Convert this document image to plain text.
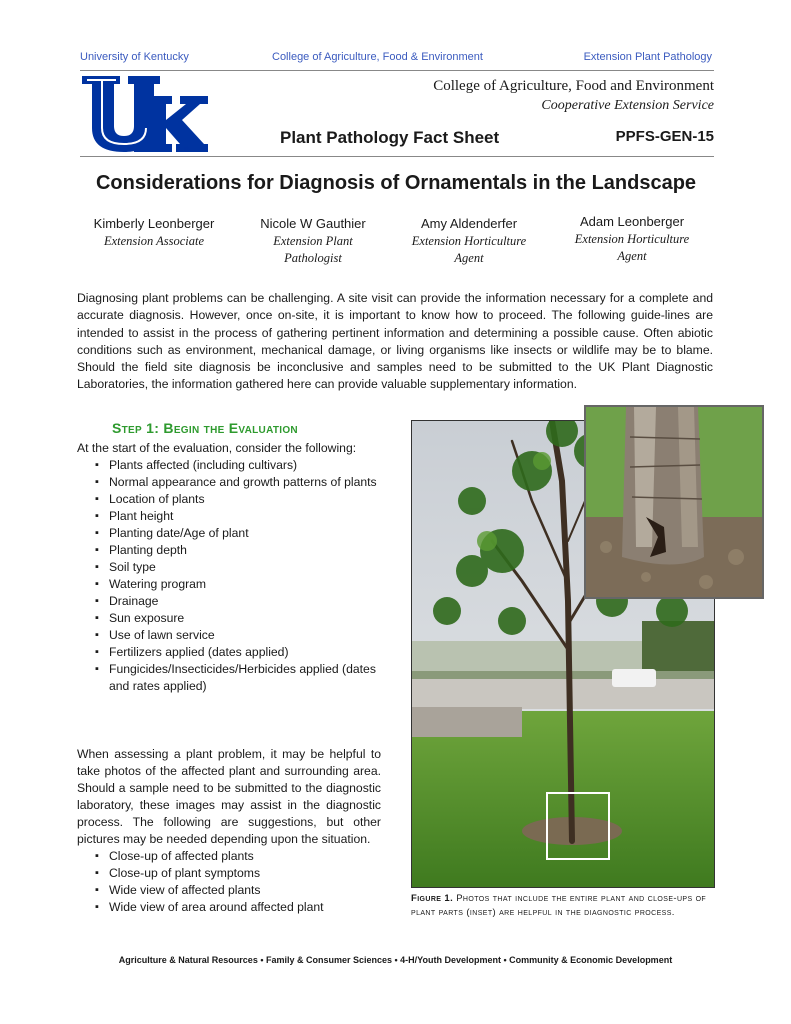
University of Kentucky	College of Agriculture, Food & Environment	Extension Plant Pathology
®
College of Agriculture, Food and Environment
Cooperative Extension Service
Plant Pathology Fact Sheet	PPFS-GEN-15
Considerations for Diagnosis of Ornamentals in the Landscape
Kimberly Leonberger
Extension Associate
Nicole W Gauthier
Extension Plant
Pathologist
Amy Aldenderfer
Extension Horticulture
Agent
Adam Leonberger
Extension Horticulture
Agent

Diagnosing plant problems can be challenging. A site visit can provide the information necessary for a complete and accurate diagnosis. However, once on-site, it is important to know how to proceed. The following guide-lines are intended to assist in the process of gathering pertinent information and determining a possible cause. Often abiotic conditions such as environment, mechanical damage, or living organisms like insects or wildlife may be to blame. Should the field site diagnosis be inconclusive and samples need to be submitted to the UK Plant Diagnostic Laboratories, the information gathered here can provide valuable supplementary information.

Step 1: Begin the Evaluation
At the start of the evaluation, consider the following:
▪ Plants affected (including cultivars)
▪ Normal appearance and growth patterns of plants
▪ Location of plants
▪ Plant height
▪ Planting date/Age of plant
▪ Planting depth
▪ Soil type
▪ Watering program
▪ Drainage
▪ Sun exposure
▪ Use of lawn service
▪ Fertilizers applied (dates applied)
▪ Fungicides/Insecticides/Herbicides applied (dates and rates applied)
When assessing a plant problem, it may be helpful to take photos of the affected plant and surrounding area. Should a sample need to be submitted to the diagnostic laboratory, these images may assist in the diagnostic process. The following are suggestions, but other pictures may be needed depending upon the situation.
▪ Close-up of affected plants
▪ Close-up of plant symptoms
▪ Wide view of affected plants
▪ Wide view of area around affected plant
Figure 1. Photos that include the entire plant and close-ups of plant parts (inset) are helpful in the diagnostic process.
Agriculture & Natural Resources • Family & Consumer Sciences • 4-H/Youth Development • Community & Economic Development
